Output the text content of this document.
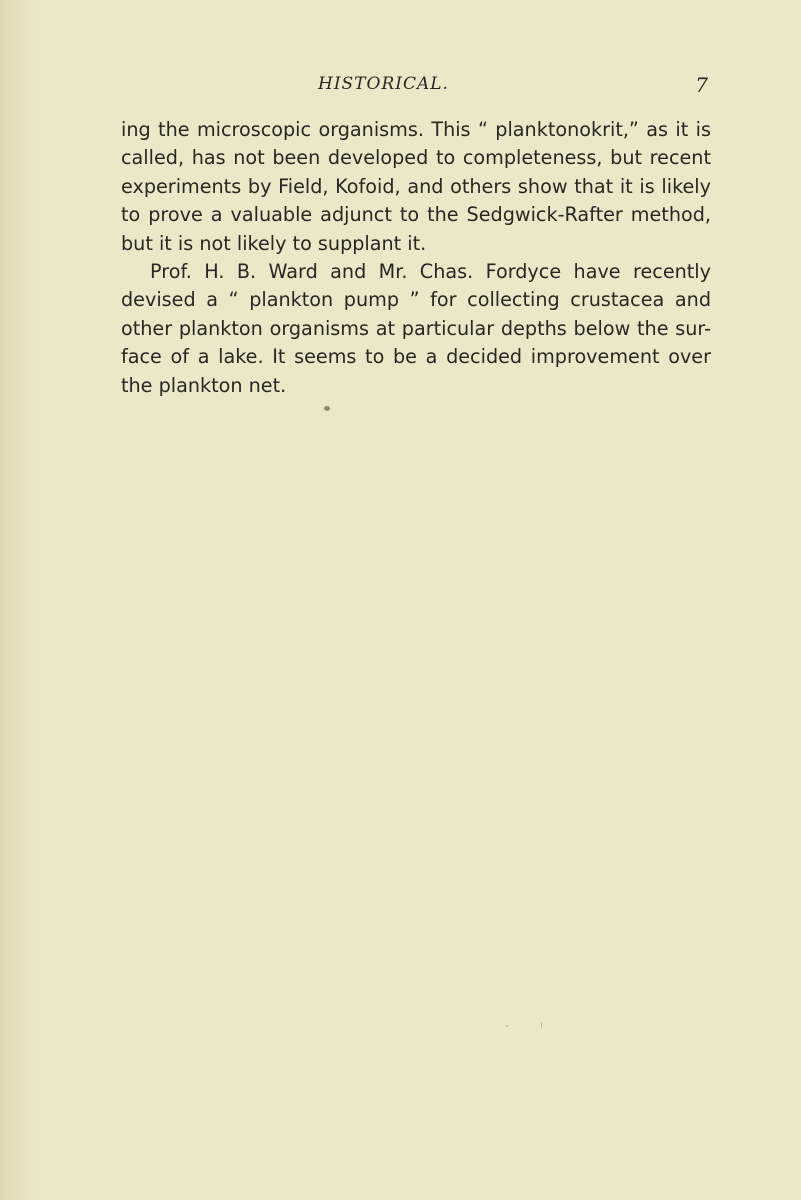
HISTORICAL.	7

ing the microscopic organisms. This “ planktonokrit,” as it is called, has not been developed to completeness, but recent experiments by Field, Kofoid, and others show that it is likely to prove a valuable adjunct to the Sedgwick-Rafter method, but it is not likely to supplant it.

Prof. H. B. Ward and Mr. Chas. Fordyce have recently devised a “ plankton pump ” for collecting crustacea and other plankton organisms at particular depths below the sur- face of a lake. It seems to be a decided improvement over the plankton net.
